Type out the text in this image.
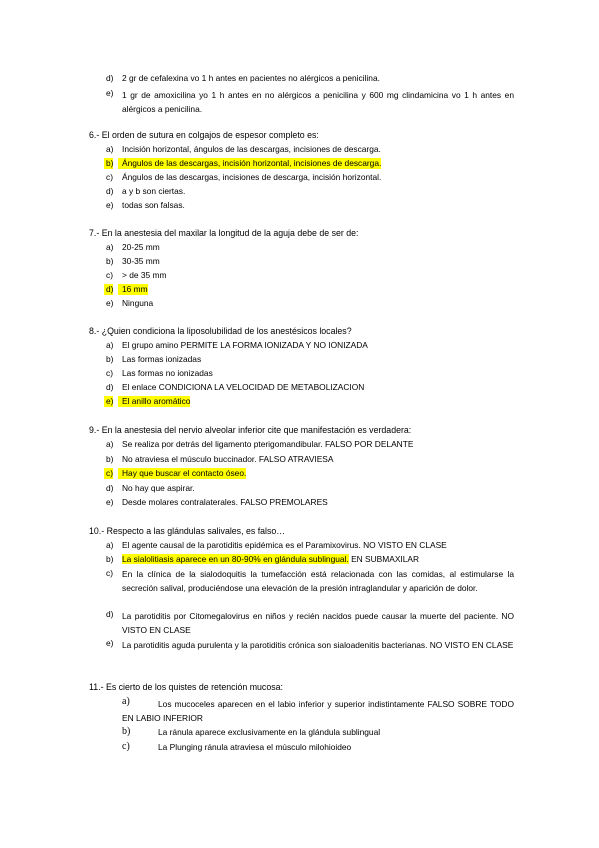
d) 2 gr de cefalexina vo 1 h antes en pacientes no alérgicos a penicilina.
e) 1 gr de amoxicilina yo 1 h antes en no alérgicos a penicilina y 600 mg clindamicina vo 1 h antes en alérgicos a penicilina.
6.- El orden de sutura en colgajos de espesor completo es:
a) Incisión horizontal, ángulos de las descargas, incisiones de descarga.
b)	Ángulos de las descargas, incisión horizontal, incisiones de descarga.
c) Ángulos de las descargas, incisiones de descarga, incisión horizontal.
d) a y b son ciertas.
e) todas son falsas.
7.- En la anestesia del maxilar la longitud de la aguja debe de ser de:
a) 20-25 mm
b) 30-35 mm
c) > de 35 mm
d)	16 mm
e) Ninguna
8.- ¿Quien condiciona la liposolubilidad de los anestésicos locales?
a) El grupo amino PERMITE LA FORMA IONIZADA Y NO IONIZADA
b) Las formas ionizadas
c) Las formas no ionizadas
d) El enlace CONDICIONA LA VELOCIDAD DE METABOLIZACION
e)	El anillo aromático
9.- En la anestesia del nervio alveolar inferior cite que manifestación es verdadera:
a) Se realiza por detrás del ligamento pterigomandibular. FALSO POR DELANTE
b) No atraviesa el músculo buccinador. FALSO ATRAVIESA
c)	Hay que buscar el contacto óseo.
d) No hay que aspirar.
e) Desde molares contralaterales. FALSO PREMOLARES
10.- Respecto a las glándulas salivales, es falso…
a) El agente causal de la parotiditis epidémica es el Paramixovirus. NO VISTO EN CLASE
b) La sialolitiasis aparece en un 80-90% en glándula sublingual. EN SUBMAXILAR
c) En la clínica de la sialodoquitis la tumefacción está relacionada con las comidas, al estimularse la secreción salival, produciéndose una elevación de la presión intraglandular y aparición de dolor.
d) La parotiditis por Citomegalovirus en niños y recién nacidos puede causar la muerte del paciente. NO VISTO EN CLASE
e) La parotiditis aguda purulenta y la parotiditis crónica son sialoadenitis bacterianas. NO VISTO EN CLASE
11.- Es cierto de los quistes de retención mucosa:
a)	Los mucoceles aparecen en el labio inferior y superior indistintamente FALSO SOBRE TODO EN LABIO INFERIOR
b)	La ránula aparece exclusivamente en la glándula sublingual
c)	La Plunging ránula atraviesa el músculo milohioideo
